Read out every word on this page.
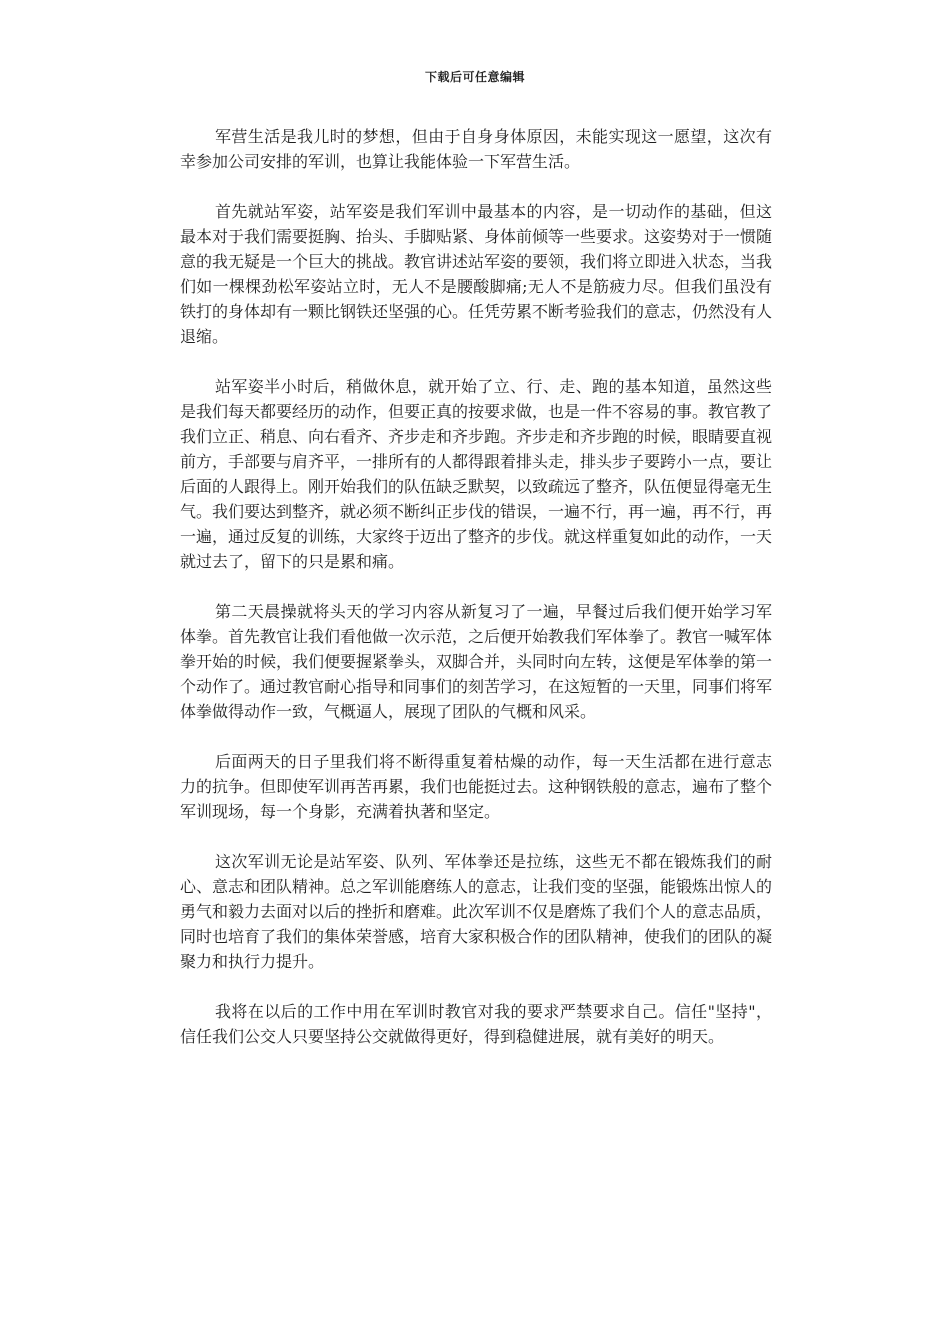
下载后可任意编辑

军营生活是我儿时的梦想，但由于自身身体原因，未能实现这一愿望，这次有幸参加公司安排的军训，也算让我能体验一下军营生活。

首先就站军姿，站军姿是我们军训中最基本的内容，是一切动作的基础，但这最本对于我们需要挺胸、抬头、手脚贴紧、身体前倾等一些要求。这姿势对于一惯随意的我无疑是一个巨大的挑战。教官讲述站军姿的要领，我们将立即进入状态，当我们如一棵棵劲松军姿站立时，无人不是腰酸脚痛;无人不是筋疲力尽。但我们虽没有铁打的身体却有一颗比钢铁还坚强的心。任凭劳累不断考验我们的意志，仍然没有人退缩。

站军姿半小时后，稍做休息，就开始了立、行、走、跑的基本知道，虽然这些是我们每天都要经历的动作，但要正真的按要求做，也是一件不容易的事。教官教了我们立正、稍息、向右看齐、齐步走和齐步跑。齐步走和齐步跑的时候，眼睛要直视前方，手部要与肩齐平，一排所有的人都得跟着排头走，排头步子要跨小一点，要让后面的人跟得上。刚开始我们的队伍缺乏默契，以致疏远了整齐，队伍便显得毫无生气。我们要达到整齐，就必须不断纠正步伐的错误，一遍不行，再一遍，再不行，再一遍，通过反复的训练，大家终于迈出了整齐的步伐。就这样重复如此的动作，一天就过去了，留下的只是累和痛。

第二天晨操就将头天的学习内容从新复习了一遍，早餐过后我们便开始学习军体拳。首先教官让我们看他做一次示范，之后便开始教我们军体拳了。教官一喊军体拳开始的时候，我们便要握紧拳头，双脚合并，头同时向左转，这便是军体拳的第一个动作了。通过教官耐心指导和同事们的刻苦学习，在这短暂的一天里，同事们将军体拳做得动作一致，气概逼人，展现了团队的气概和风采。

后面两天的日子里我们将不断得重复着枯燥的动作，每一天生活都在进行意志力的抗争。但即使军训再苦再累，我们也能挺过去。这种钢铁般的意志，遍布了整个军训现场，每一个身影，充满着执著和坚定。

这次军训无论是站军姿、队列、军体拳还是拉练，这些无不都在锻炼我们的耐心、意志和团队精神。总之军训能磨练人的意志，让我们变的坚强，能锻炼出惊人的勇气和毅力去面对以后的挫折和磨难。此次军训不仅是磨炼了我们个人的意志品质，同时也培育了我们的集体荣誉感，培育大家积极合作的团队精神，使我们的团队的凝聚力和执行力提升。

我将在以后的工作中用在军训时教官对我的要求严禁要求自己。信任"坚持"，信任我们公交人只要坚持公交就做得更好，得到稳健进展，就有美好的明天。
